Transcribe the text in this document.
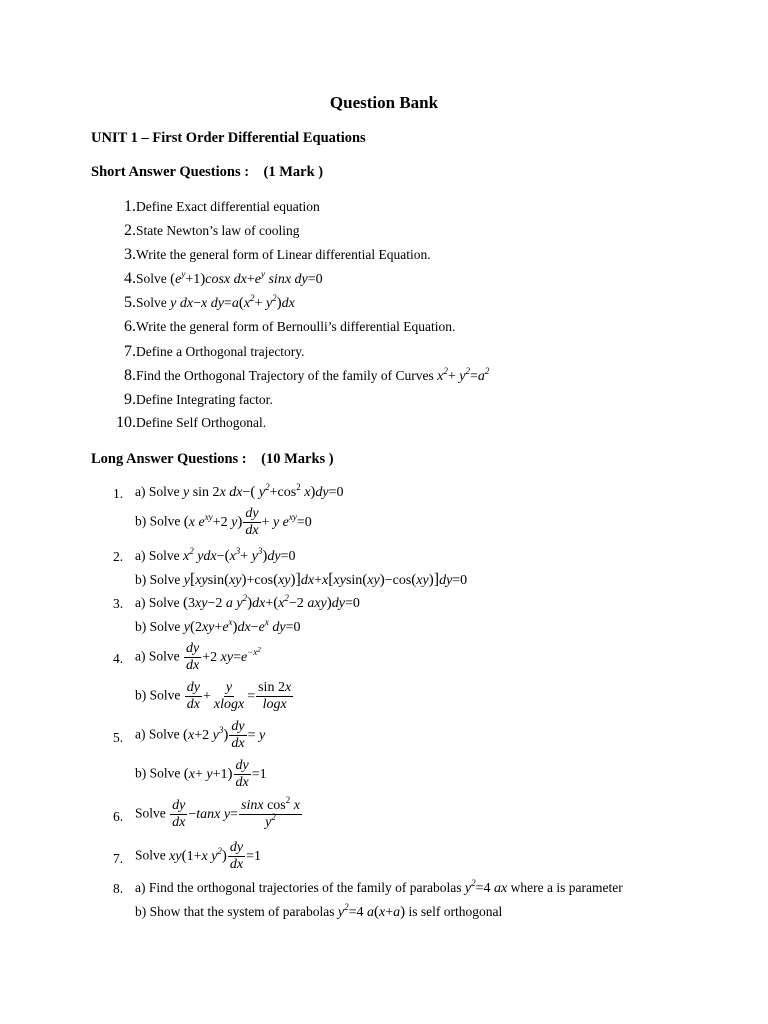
Question Bank
UNIT 1 – First Order Differential Equations
Short Answer Questions :    (1 Mark )
1. Define Exact differential equation
2. State Newton’s law of cooling
3. Write the general form of Linear differential Equation.
4. Solve $(e^y+1)\cos x$ $dx+e^y$ sinx dy=0
5. Solve y dx−x $dy=a(x^2+ y^2)dx$
6. Write the general form of Bernoulli’s differential Equation.
7. Define a Orthogonal trajectory.
8. Find the Orthogonal Trajectory of the family of Curves $x^2+ y^2=a^2$
9. Define Integrating factor.
10. Define Self Orthogonal.
Long Answer Questions :    (10 Marks )
1. a) Solve y sin 2x dx−( $y^2+\cos^2$ x)dy=0
b) Solve (x $e^{xy}+2$ $y) \frac{dy}{dx} + y$ $e^{xy}=0$
2. a) Solve $x^2$ $ydx-(x^3+ y^3)dy=0$
b) Solve y[xysin(xy)+cos(xy)]dx+x[xysin(xy)−cos(xy)]dy=0
3. a) Solve (3xy−2 a $y^2)dx+(x^2-2$ axy)dy=0
b) Solve $y(2xy+e^x)dx-e^x$ dy=0
4. a) Solve $\frac{dy}{dx} +2$ $xy=e^{-x^2}$
b) Solve $\frac{dy}{dx} + \frac{y}{xlogx} = \frac{\sin 2x}{\log x}$
5. a) Solve (x+2 $y^3) \frac{dy}{dx} = y$
b) Solve $(x+ y+1) \frac{dy}{dx} =1$
6. Solve $\frac{dy}{dx} -\tan x$ $y= \frac{\sin x \cos^2 x}{y^2}$
7. Solve xy(1+x $y^2) \frac{dy}{dx} =1$
8. a) Find the orthogonal trajectories of the family of parabolas $y^2=4$ ax where a is parameter
b) Show that the system of parabolas $y^2=4$ a(x+a) is self orthogonal
